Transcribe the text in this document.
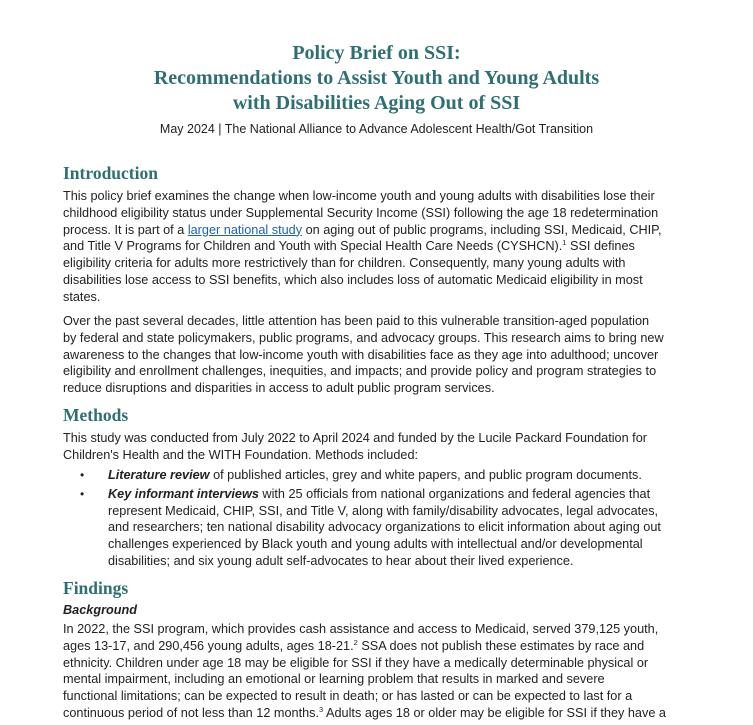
Policy Brief on SSI:
Recommendations to Assist Youth and Young Adults
with Disabilities Aging Out of SSI
May 2024 | The National Alliance to Advance Adolescent Health/Got Transition
Introduction
This policy brief examines the change when low-income youth and young adults with disabilities lose their
childhood eligibility status under Supplemental Security Income (SSI) following the age 18 redetermination
process. It is part of a larger national study on aging out of public programs, including SSI, Medicaid, CHIP,
and Title V Programs for Children and Youth with Special Health Care Needs (CYSHCN).$^1$ SSI defines
eligibility criteria for adults more restrictively than for children. Consequently, many young adults with
disabilities lose access to SSI benefits, which also includes loss of automatic Medicaid eligibility in most
states.
Over the past several decades, little attention has been paid to this vulnerable transition-aged population
by federal and state policymakers, public programs, and advocacy groups. This research aims to bring new
awareness to the changes that low-income youth with disabilities face as they age into adulthood; uncover
eligibility and enrollment challenges, inequities, and impacts; and provide policy and program strategies to
reduce disruptions and disparities in access to adult public program services.
Methods
This study was conducted from July 2022 to April 2024 and funded by the Lucile Packard Foundation for
Children's Health and the WITH Foundation. Methods included:
• Literature review of published articles, grey and white papers, and public program documents.
• Key informant interviews with 25 officials from national organizations and federal agencies that
represent Medicaid, CHIP, SSI, and Title V, along with family/disability advocates, legal advocates,
and researchers; ten national disability advocacy organizations to elicit information about aging out
challenges experienced by Black youth and young adults with intellectual and/or developmental
disabilities; and six young adult self-advocates to hear about their lived experience.
Findings
Background
In 2022, the SSI program, which provides cash assistance and access to Medicaid, served 379,125 youth,
ages 13-17, and 290,456 young adults, ages 18-21.$^2$ SSA does not publish these estimates by race and
ethnicity. Children under age 18 may be eligible for SSI if they have a medically determinable physical or
mental impairment, including an emotional or learning problem that results in marked and severe
functional limitations; can be expected to result in death; or has lasted or can be expected to last for a
continuous period of not less than 12 months.$^3$ Adults ages 18 or older may be eligible for SSI if they have a
